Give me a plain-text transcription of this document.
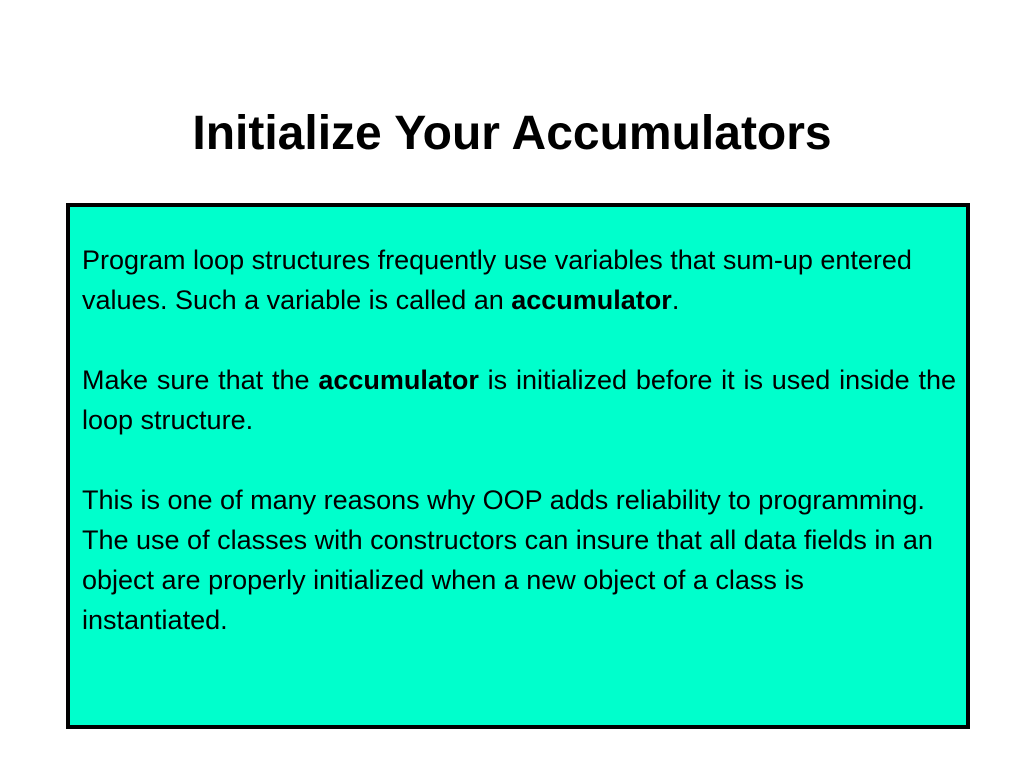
Initialize Your Accumulators

Program loop structures frequently use variables that sum-up entered values. Such a variable is called an accumulator.

Make sure that the accumulator is initialized before it is used inside the loop structure.

This is one of many reasons why OOP adds reliability to programming. The use of classes with constructors can insure that all data fields in an object are properly initialized when a new object of a class is instantiated.
